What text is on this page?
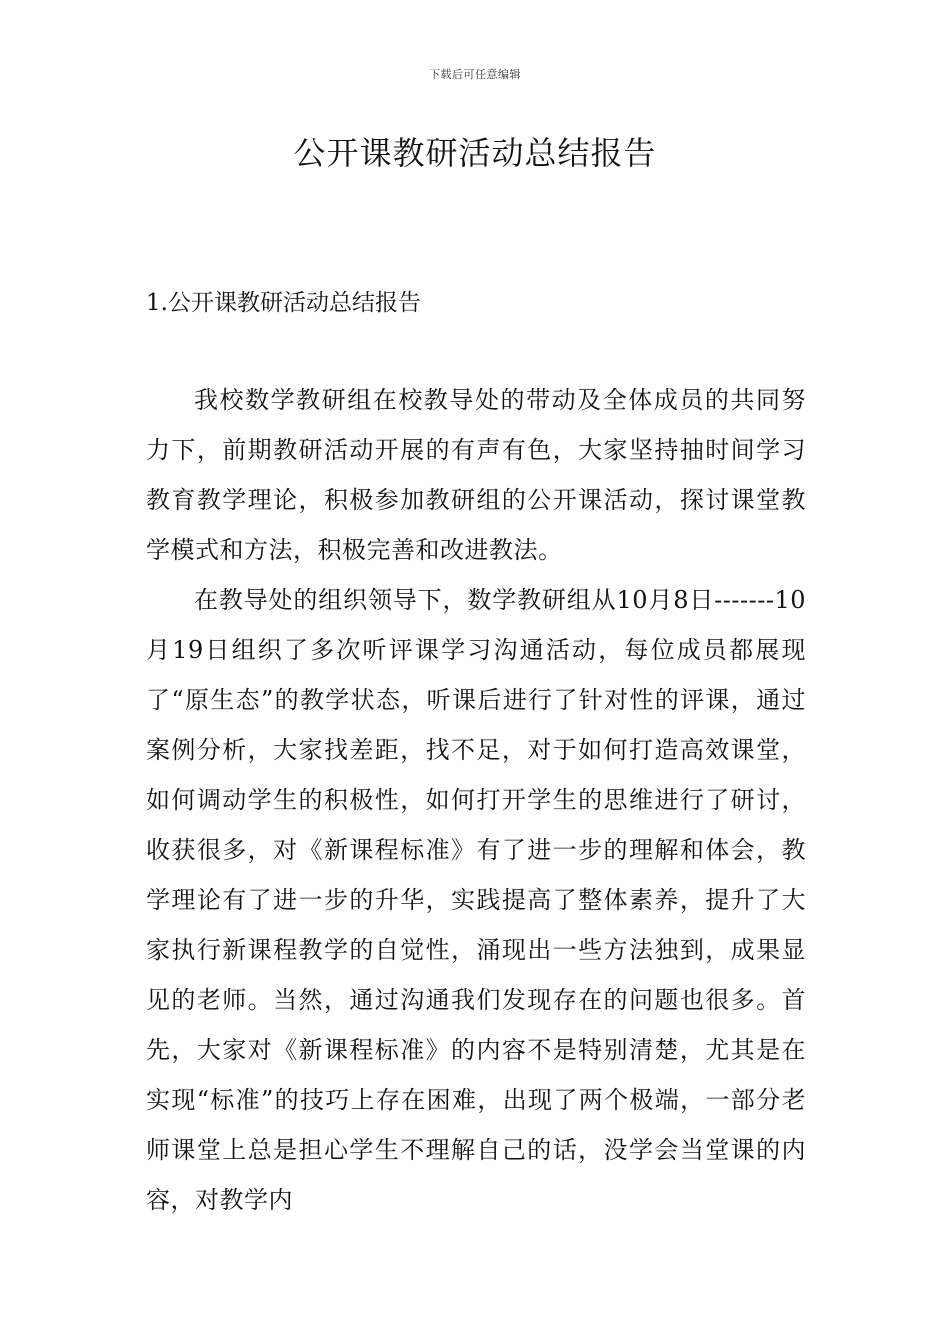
下载后可任意编辑
公开课教研活动总结报告
1.公开课教研活动总结报告

我校数学教研组在校教导处的带动及全体成员的共同努力下，前期教研活动开展的有声有色，大家坚持抽时间学习教育教学理论，积极参加教研组的公开课活动，探讨课堂教学模式和方法，积极完善和改进教法。

在教导处的组织领导下，数学教研组从10月8日-------10月19日组织了多次听评课学习沟通活动，每位成员都展现了“原生态”的教学状态，听课后进行了针对性的评课，通过案例分析，大家找差距，找不足，对于如何打造高效课堂，如何调动学生的积极性，如何打开学生的思维进行了研讨，收获很多，对《新课程标准》有了进一步的理解和体会，教学理论有了进一步的升华，实践提高了整体素养，提升了大家执行新课程教学的自觉性，涌现出一些方法独到，成果显见的老师。当然，通过沟通我们发现存在的问题也很多。首先，大家对《新课程标准》的内容不是特别清楚，尤其是在实现“标准”的技巧上存在困难，出现了两个极端，一部分老师课堂上总是担心学生不理解自己的话，没学会当堂课的内容，对教学内
